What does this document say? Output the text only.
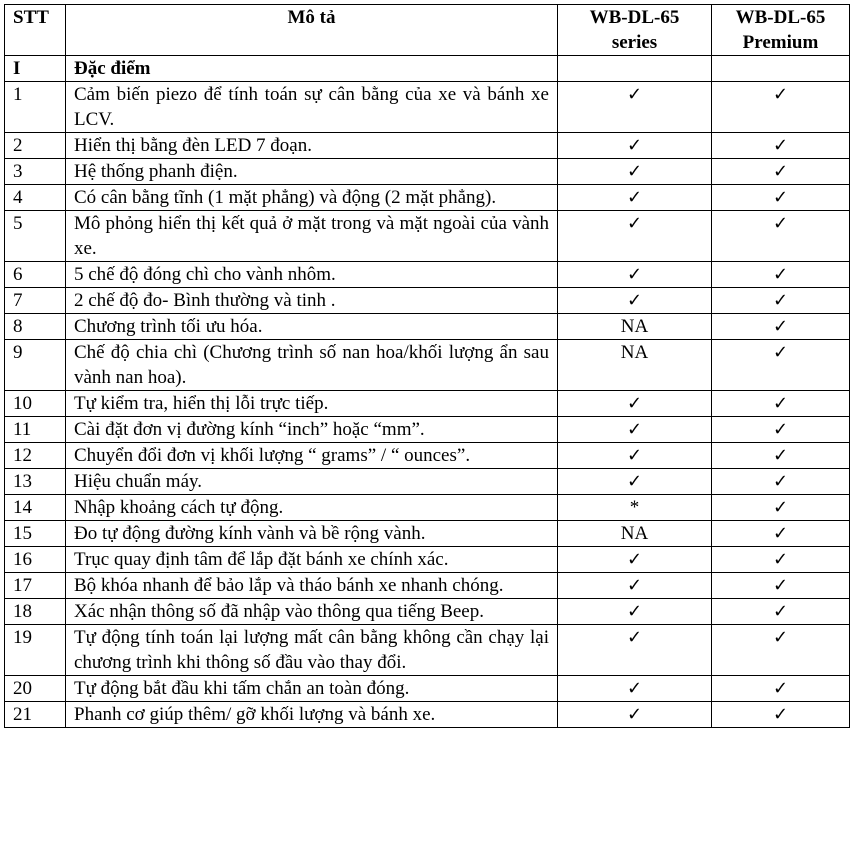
STT	Mô tả	WB-DL-65 series	WB-DL-65 Premium
I	Đặc điểm		
1	Cảm biến piezo để tính toán sự cân bằng của xe và bánh xe LCV.	✓	✓
2	Hiển thị bằng đèn LED 7 đoạn.	✓	✓
3	Hệ thống phanh điện.	✓	✓
4	Có cân bằng tĩnh (1 mặt phẳng) và động (2 mặt phẳng).	✓	✓
5	Mô phỏng hiển thị kết quả ở mặt trong và mặt ngoài của vành xe.	✓	✓
6	5 chế độ đóng chì cho vành nhôm.	✓	✓
7	2 chế độ đo- Bình thường và tinh .	✓	✓
8	Chương trình tối ưu hóa.	NA	✓
9	Chế độ chia chì (Chương trình số nan hoa/khối lượng ẩn sau vành nan hoa).	NA	✓
10	Tự kiểm tra, hiển thị lỗi trực tiếp.	✓	✓
11	Cài đặt đơn vị đường kính “inch” hoặc “mm”.	✓	✓
12	Chuyển đổi đơn vị khối lượng “ grams” / “ ounces”.	✓	✓
13	Hiệu chuẩn máy.	✓	✓
14	Nhập khoảng cách tự động.	*	✓
15	Đo tự động đường kính vành và bề rộng vành.	NA	✓
16	Trục quay định tâm để lắp đặt bánh xe chính xác.	✓	✓
17	Bộ khóa nhanh để bảo lắp và tháo bánh xe nhanh chóng.	✓	✓
18	Xác nhận thông số đã nhập vào thông qua tiếng Beep.	✓	✓
19	Tự động tính toán lại lượng mất cân bằng không cần chạy lại chương trình khi thông số đầu vào thay đổi.	✓	✓
20	Tự động bắt đầu khi tấm chắn an toàn đóng.	✓	✓
21	Phanh cơ giúp thêm/ gỡ khối lượng và bánh xe.	✓	✓
